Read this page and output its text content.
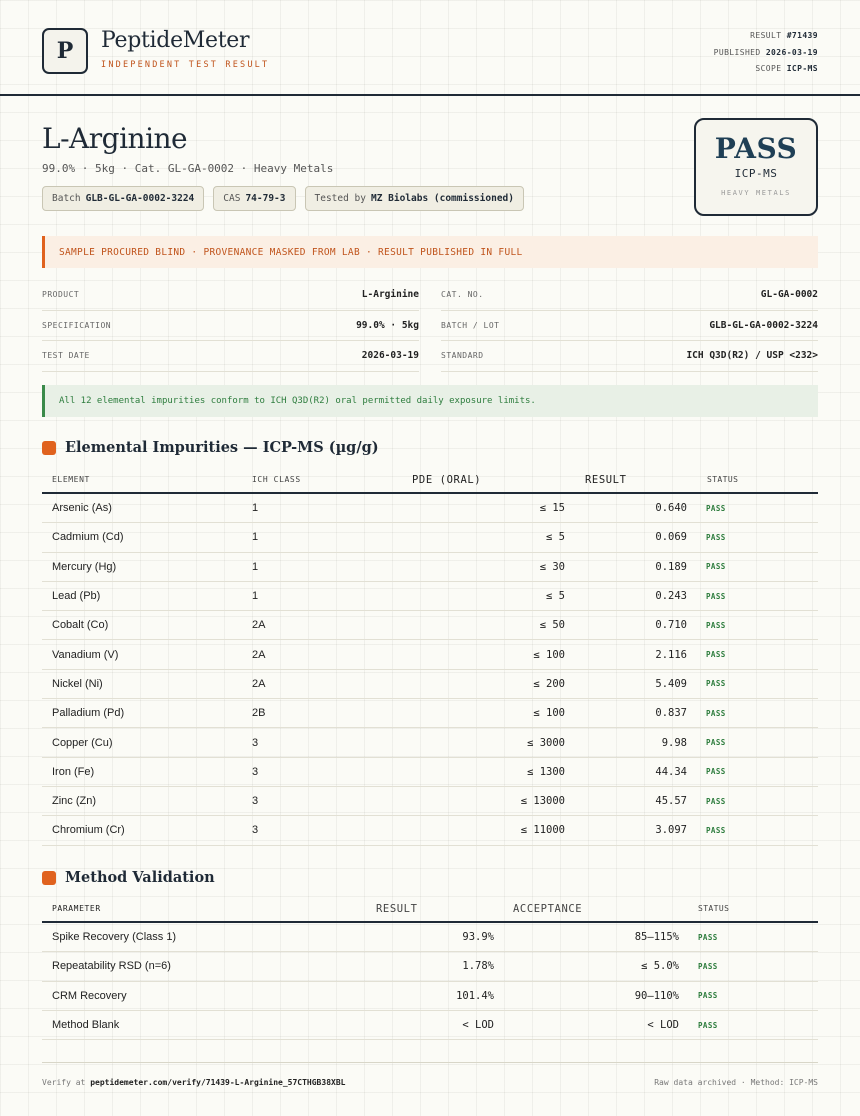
P	PeptideMeter
INDEPENDENT TEST RESULT
RESULT #71439
PUBLISHED 2026-03-19
SCOPE ICP-MS
L-Arginine
99.0% · 5kg · Cat. GL-GA-0002 · Heavy Metals
Batch GLB-GL-GA-0002-3224	CAS 74-79-3	Tested by MZ Biolabs (commissioned)
PASS
ICP-MS
HEAVY METALS
SAMPLE PROCURED BLIND · PROVENANCE MASKED FROM LAB · RESULT PUBLISHED IN FULL
PRODUCT	L-Arginine	CAT. NO.	GL-GA-0002
SPECIFICATION	99.0% · 5kg	BATCH / LOT	GLB-GL-GA-0002-3224
TEST DATE	2026-03-19	STANDARD	ICH Q3D(R2) / USP <232>
All 12 elemental impurities conform to ICH Q3D(R2) oral permitted daily exposure limits.
Elemental Impurities — ICP-MS (µg/g)
ELEMENT	ICH CLASS	PDE (ORAL)	RESULT	STATUS
Arsenic (As)	1	≤ 15	0.640	PASS
Cadmium (Cd)	1	≤ 5	0.069	PASS
Mercury (Hg)	1	≤ 30	0.189	PASS
Lead (Pb)	1	≤ 5	0.243	PASS
Cobalt (Co)	2A	≤ 50	0.710	PASS
Vanadium (V)	2A	≤ 100	2.116	PASS
Nickel (Ni)	2A	≤ 200	5.409	PASS
Palladium (Pd)	2B	≤ 100	0.837	PASS
Copper (Cu)	3	≤ 3000	9.98	PASS
Iron (Fe)	3	≤ 1300	44.34	PASS
Zinc (Zn)	3	≤ 13000	45.57	PASS
Chromium (Cr)	3	≤ 11000	3.097	PASS
Method Validation
PARAMETER	RESULT	ACCEPTANCE	STATUS
Spike Recovery (Class 1)	93.9%	85–115%	PASS
Repeatability RSD (n=6)	1.78%	≤ 5.0%	PASS
CRM Recovery	101.4%	90–110%	PASS
Method Blank	< LOD	< LOD	PASS
Verify at peptidemeter.com/verify/71439-L-Arginine_57CTHGB38XBL	Raw data archived · Method: ICP-MS
